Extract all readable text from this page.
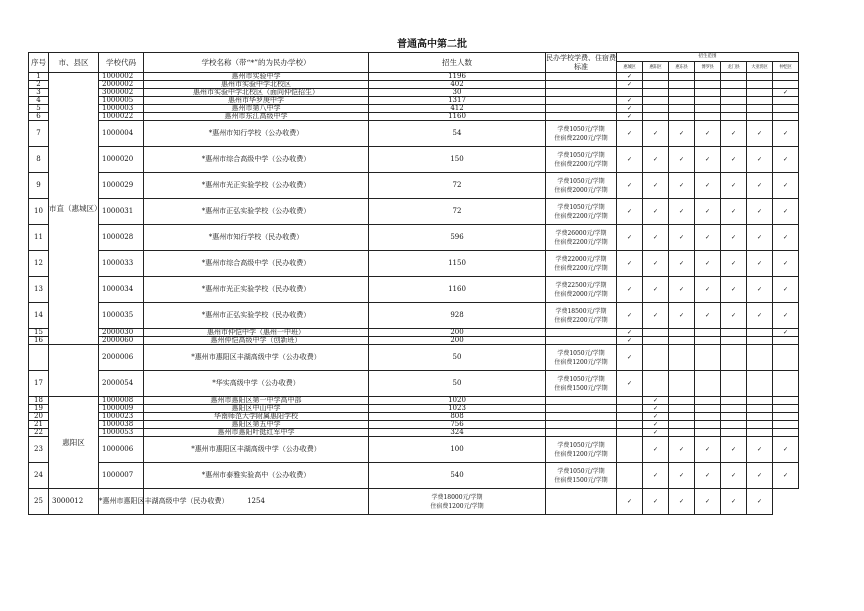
普通高中第二批
序号	市、县区	学校代码	学校名称（带“*”的为民办学校）	招生人数	民办学校学费、住宿费标准	招生范围						
						惠城区	惠阳区	惠东县	博罗县	龙门县	大亚湾区	仲恺区
1	市直（惠城区）	1000002	惠州市实验中学	1196		✓						
2		2000002	惠州市实验中学北校区	402		✓						
3		3000002	惠州市实验中学北校区（面向仲恺招生）	30								✓
4		1000005	惠州市华罗庚中学	1317		✓						
5		1000003	惠州市第八中学	412		✓						
6		1000022	惠州市东江高级中学	1160		✓						
7		1000004	*惠州市知行学校（公办收费）	54	学费1050元/学期
住宿费2200元/学期	✓	✓	✓	✓	✓	✓	✓
8		1000020	*惠州市综合高级中学（公办收费）	150	学费1050元/学期
住宿费2200元/学期	✓	✓	✓	✓	✓	✓	✓
9		1000029	*惠州市光正实验学校（公办收费）	72	学费1050元/学期
住宿费2000元/学期	✓	✓	✓	✓	✓	✓	✓
10		1000031	*惠州市正弘实验学校（公办收费）	72	学费1050元/学期
住宿费2200元/学期	✓	✓	✓	✓	✓	✓	✓
11		1000028	*惠州市知行学校（民办收费）	596	学费26000元/学期
住宿费2200元/学期	✓	✓	✓	✓	✓	✓	✓
12		1000033	*惠州市综合高级中学（民办收费）	1150	学费22000元/学期
住宿费2200元/学期	✓	✓	✓	✓	✓	✓	✓
13		1000034	*惠州市光正实验学校（民办收费）	1160	学费22500元/学期
住宿费2000元/学期	✓	✓	✓	✓	✓	✓	✓
14		1000035	*惠州市正弘实验学校（民办收费）	928	学费18500元/学期
住宿费2200元/学期	✓	✓	✓	✓	✓	✓	✓
15		2000030	惠州市仲恺中学（惠州一中班）	200		✓						✓
16		2000060	惠州仲恺高级中学（创新班）	200		✓						
		2000006	*惠州市惠阳区丰湖高级中学（公办收费）	50	学费1050元/学期
住宿费1200元/学期	✓						
17		2000054	*华实高级中学（公办收费）	50	学费1050元/学期
住宿费1500元/学期	✓						
18	惠阳区	1000008	惠州市惠阳区第一中学高中部	1020			✓					
19		1000009	惠阳区中山中学	1023			✓					
20		1000023	华南师范大学附属惠阳学校	808			✓					
21		1000038	惠阳区第五中学	756			✓					
22		1000053	惠州市惠阳叶挺红军中学	324			✓					
23		1000006	*惠州市惠阳区丰湖高级中学（公办收费）	100	学费1050元/学期
住宿费1200元/学期		✓	✓	✓	✓	✓	✓
24		1000007	*惠州市泰雅实验高中（公办收费）	540	学费1050元/学期
住宿费1500元/学期		✓	✓	✓	✓	✓	✓
25	3000012	*惠州市惠阳区丰湖高级中学（民办收费）	1254	学费18000元/学期
住宿费1200元/学期		✓	✓	✓	✓	✓	✓	
